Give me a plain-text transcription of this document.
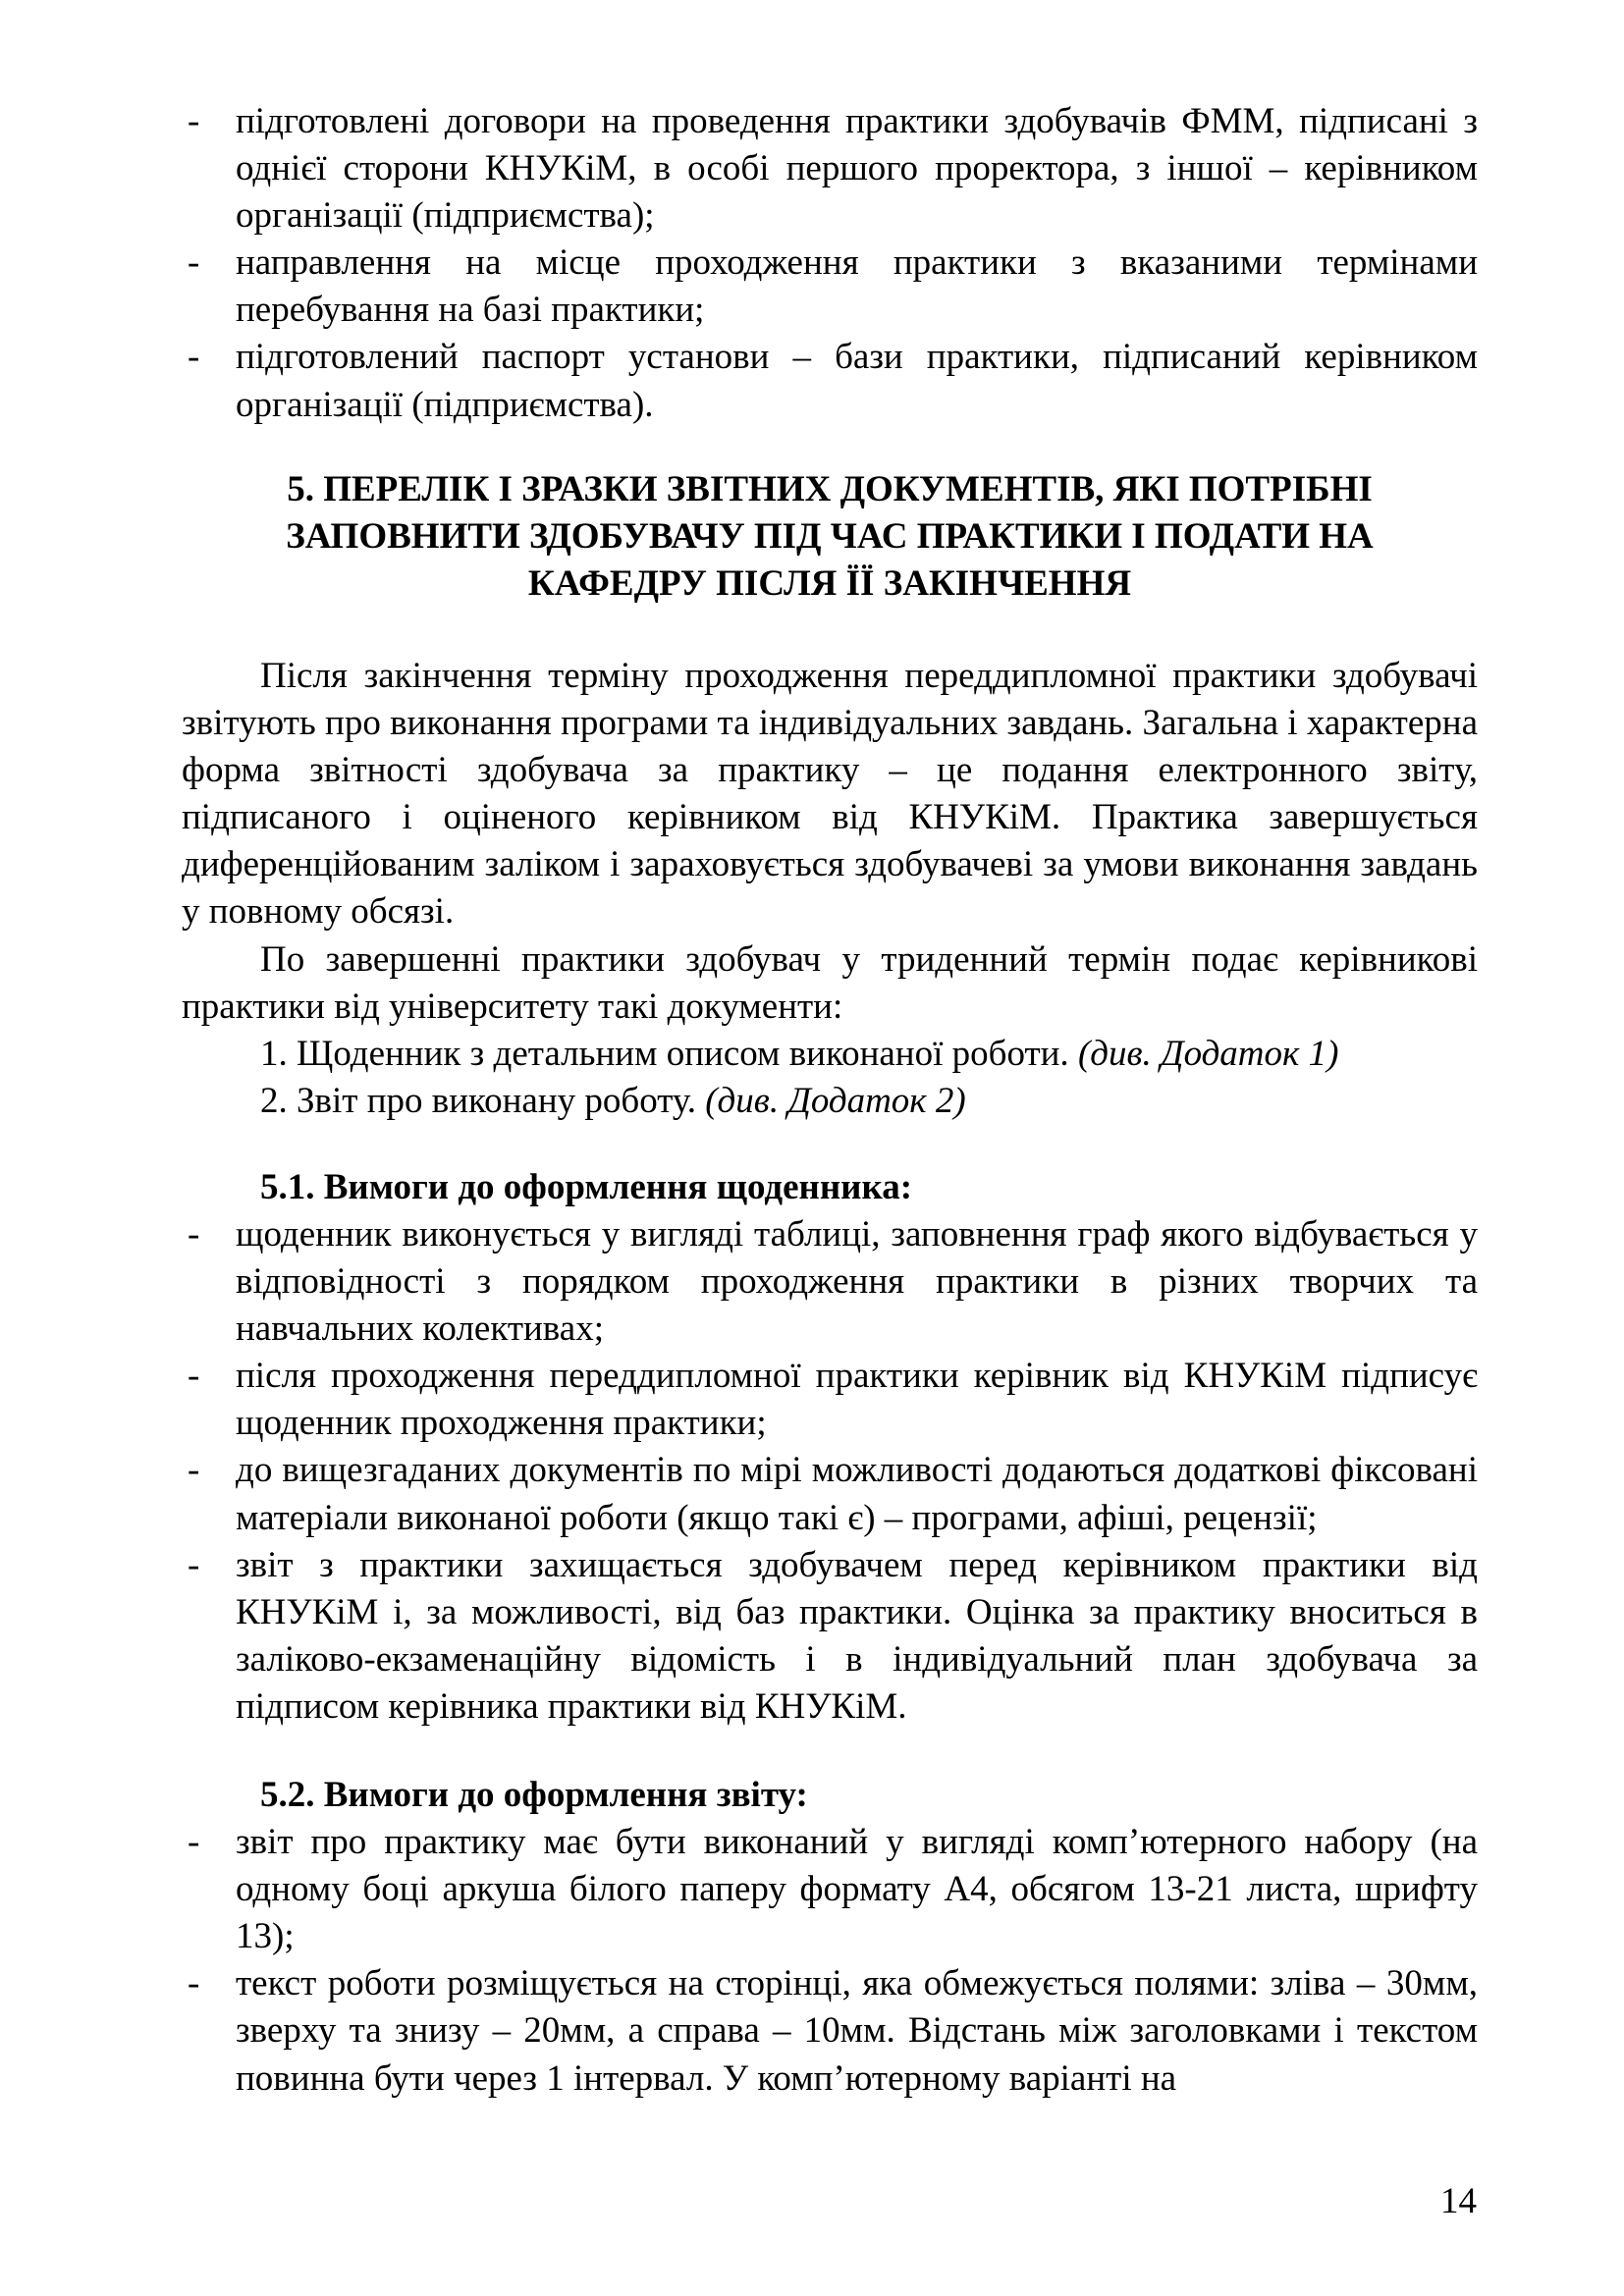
- підготовлені договори на проведення практики здобувачів ФММ, підписані з однієї сторони КНУКіМ, в особі першого проректора, з іншої – керівником організації (підприємства);
- направлення на місце проходження практики з вказаними термінами перебування на базі практики;
- підготовлений паспорт установи – бази практики, підписаний керівником організації (підприємства).
5. ПЕРЕЛІК І ЗРАЗКИ ЗВІТНИХ ДОКУМЕНТІВ, ЯКІ ПОТРІБНІ
ЗАПОВНИТИ ЗДОБУВАЧУ ПІД ЧАС ПРАКТИКИ І ПОДАТИ НА
КАФЕДРУ ПІСЛЯ ЇЇ ЗАКІНЧЕННЯ

Після закінчення терміну проходження переддипломної практики здобувачі звітують про виконання програми та індивідуальних завдань. Загальна і характерна форма звітності здобувача за практику – це подання електронного звіту, підписаного і оціненого керівником від КНУКіМ. Практика завершується диференційованим заліком і зараховується здобувачеві за умови виконання завдань у повному обсязі.

По завершенні практики здобувач у триденний термін подає керівникові практики від університету такі документи:

1. Щоденник з детальним описом виконаної роботи. (див. Додаток 1)

2. Звіт про виконану роботу. (див. Додаток 2)

5.1. Вимоги до оформлення щоденника:

- щоденник виконується у вигляді таблиці, заповнення граф якого відбувається у відповідності з порядком проходження практики в різних творчих та навчальних колективах;
- після проходження переддипломної практики керівник від КНУКіМ підписує щоденник проходження практики;
- до вищезгаданих документів по мірі можливості додаються додаткові фіксовані матеріали виконаної роботи (якщо такі є) – програми, афіші, рецензії;
- звіт з практики захищається здобувачем перед керівником практики від КНУКіМ і, за можливості, від баз практики. Оцінка за практику вноситься в заліково-екзаменаційну відомість і в індивідуальний план здобувача за підписом керівника практики від КНУКіМ.

5.2. Вимоги до оформлення звіту:

- звіт про практику має бути виконаний у вигляді комп’ютерного набору (на одному боці аркуша білого паперу формату А4, обсягом 13-21 листа, шрифту 13);
- текст роботи розміщується на сторінці, яка обмежується полями: зліва – 30мм, зверху та знизу – 20мм, а справа – 10мм. Відстань між заголовками і текстом повинна бути через 1 інтервал. У комп’ютерному варіанті на
14
